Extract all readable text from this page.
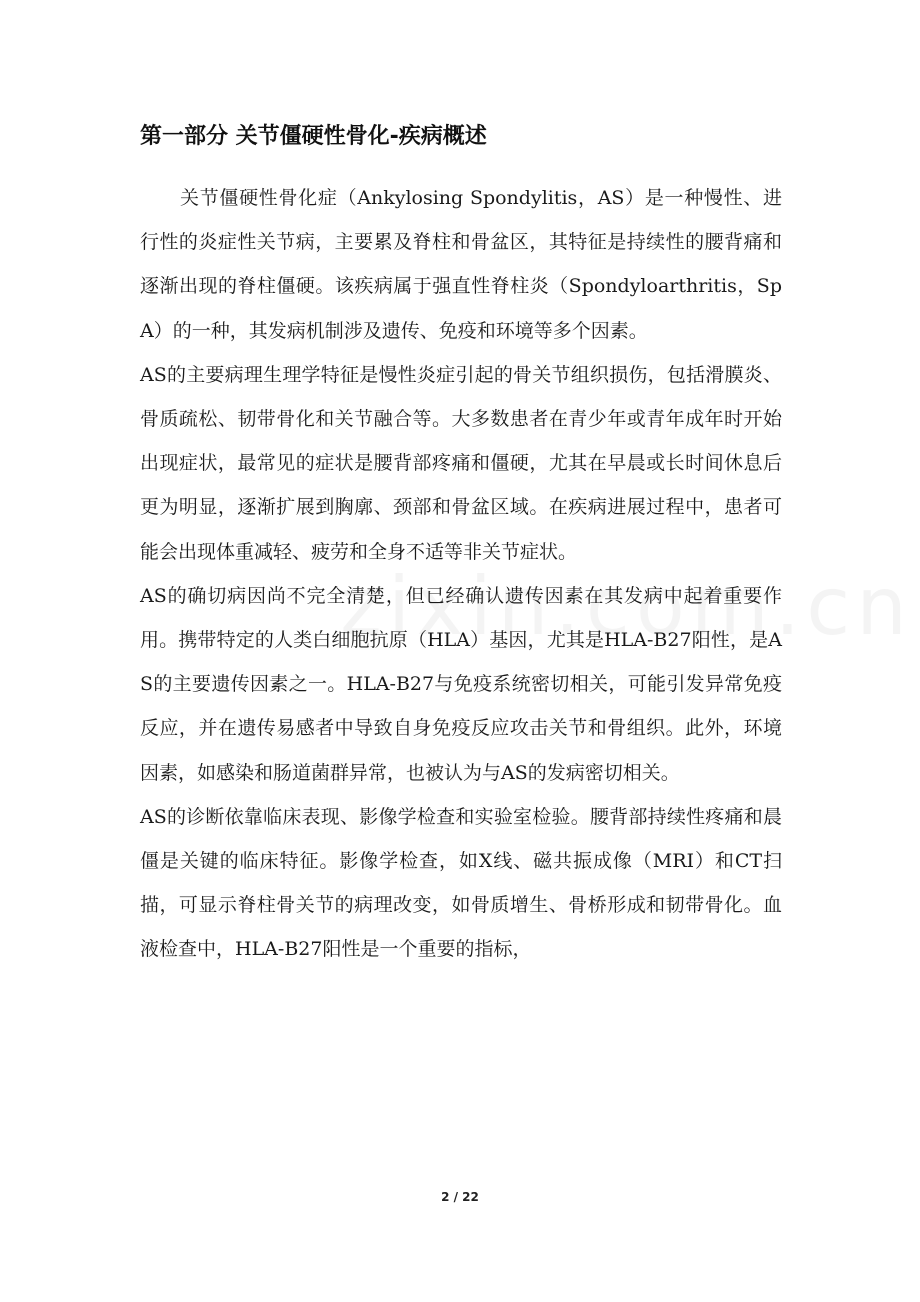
第一部分 关节僵硬性骨化-疾病概述

关节僵硬性骨化症（Ankylosing Spondylitis，AS）是一种慢性、进行性的炎症性关节病，主要累及脊柱和骨盆区，其特征是持续性的腰背痛和逐渐出现的脊柱僵硬。该疾病属于强直性脊柱炎（Spondyloarthritis，SpA）的一种，其发病机制涉及遗传、免疫和环境等多个因素。

AS的主要病理生理学特征是慢性炎症引起的骨关节组织损伤，包括滑膜炎、骨质疏松、韧带骨化和关节融合等。大多数患者在青少年或青年成年时开始出现症状，最常见的症状是腰背部疼痛和僵硬，尤其在早晨或长时间休息后更为明显，逐渐扩展到胸廓、颈部和骨盆区域。在疾病进展过程中，患者可能会出现体重减轻、疲劳和全身不适等非关节症状。

AS的确切病因尚不完全清楚，但已经确认遗传因素在其发病中起着重要作用。携带特定的人类白细胞抗原（HLA）基因，尤其是HLA-B27阳性，是AS的主要遗传因素之一。HLA-B27与免疫系统密切相关，可能引发异常免疫反应，并在遗传易感者中导致自身免疫反应攻击关节和骨组织。此外，环境因素，如感染和肠道菌群异常，也被认为与AS的发病密切相关。

AS的诊断依靠临床表现、影像学检查和实验室检验。腰背部持续性疼痛和晨僵是关键的临床特征。影像学检查，如X线、磁共振成像（MRI）和CT扫描，可显示脊柱骨关节的病理改变，如骨质增生、骨桥形成和韧带骨化。血液检查中，HLA-B27阳性是一个重要的指标，

2 / 22
